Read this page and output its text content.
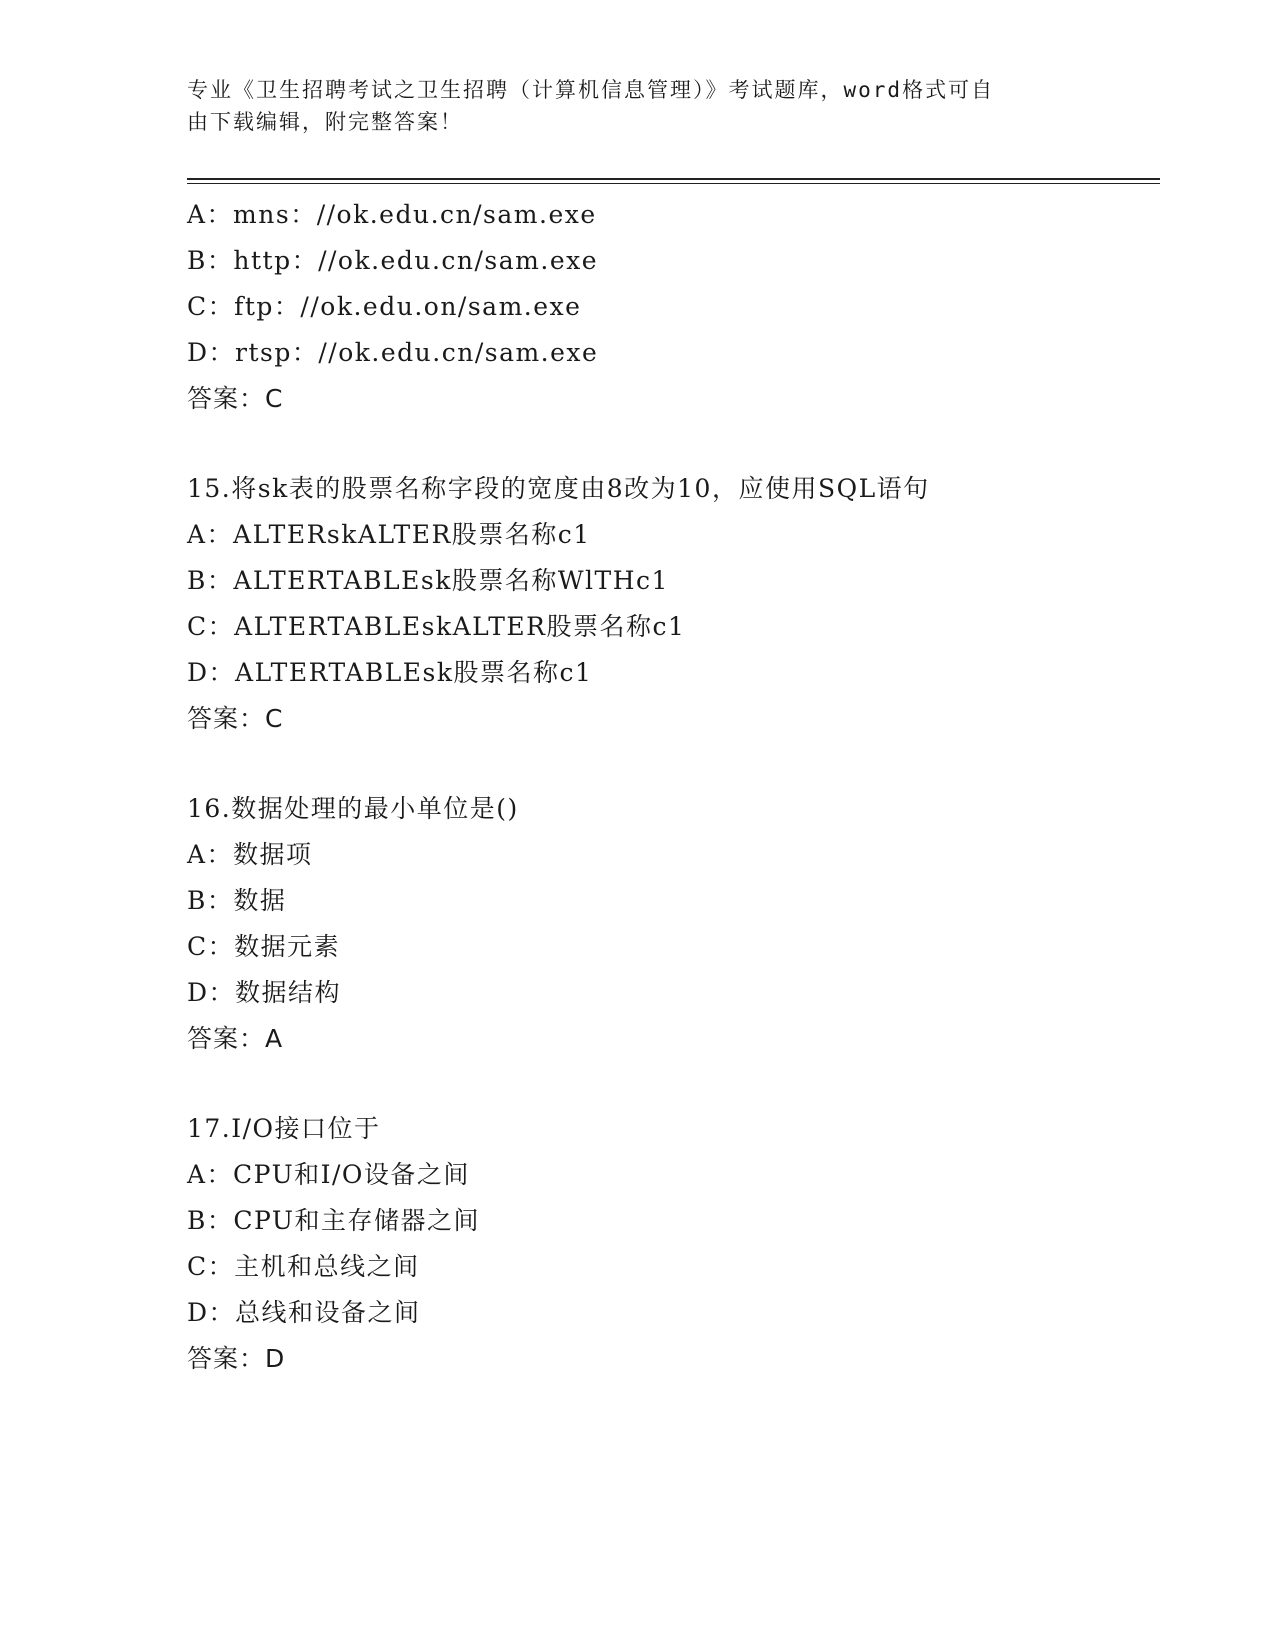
专业《卫生招聘考试之卫生招聘（计算机信息管理）》考试题库，word格式可自
由下载编辑，附完整答案！
A：mns：//ok.edu.cn/sam.exe
B：http：//ok.edu.cn/sam.exe
C：ftp：//ok.edu.on/sam.exe
D：rtsp：//ok.edu.cn/sam.exe
答案：C
15.将sk表的股票名称字段的宽度由8改为10，应使用SQL语句
A：ALTERskALTER股票名称c1
B：ALTERTABLEsk股票名称WlTHc1
C：ALTERTABLEskALTER股票名称c1
D：ALTERTABLEsk股票名称c1
答案：C
16.数据处理的最小单位是()
A：数据项
B：数据
C：数据元素
D：数据结构
答案：A
17.I/O接口位于
A：CPU和I/O设备之间
B：CPU和主存储器之间
C：主机和总线之间
D：总线和设备之间
答案：D
